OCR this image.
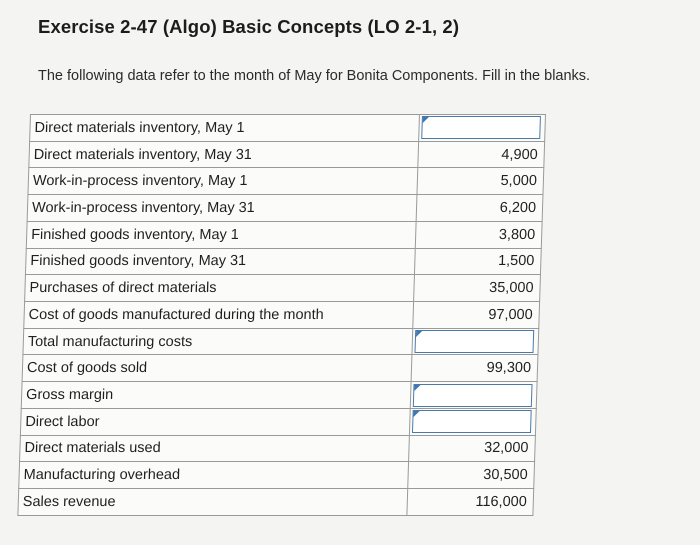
Exercise 2-47 (Algo) Basic Concepts (LO 2-1, 2)
The following data refer to the month of May for Bonita Components. Fill in the blanks.
Direct materials inventory, May 1	

Direct materials inventory, May 31	4,900
Work-in-process inventory, May 1	5,000
Work-in-process inventory, May 31	6,200
Finished goods inventory, May 1	3,800
Finished goods inventory, May 31	1,500
Purchases of direct materials	35,000
Cost of goods manufactured during the month	97,000
Total manufacturing costs	

Cost of goods sold	99,300
Gross margin	

Direct labor	

Direct materials used	32,000
Manufacturing overhead	30,500
Sales revenue	116,000
